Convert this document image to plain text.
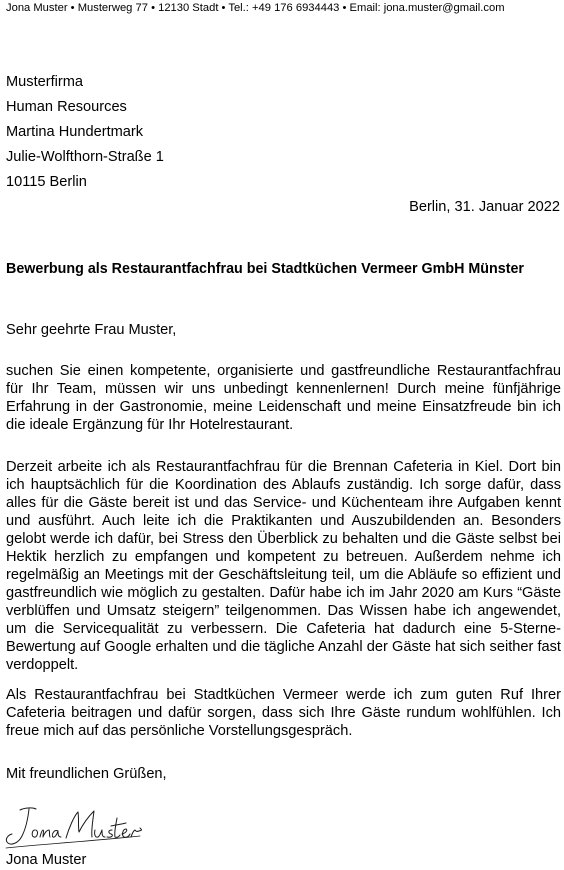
Jona Muster • Musterweg 77 • 12130 Stadt • Tel.: +49 176 6934443 • Email: jona.muster@gmail.com
Musterfirma
Human Resources
Martina Hundertmark
Julie-Wolfthorn-Straße 1
10115 Berlin
Berlin, 31. Januar 2022
Bewerbung als Restaurantfachfrau bei Stadtküchen Vermeer GmbH Münster
Sehr geehrte Frau Muster,

suchen Sie einen kompetente, organisierte und gastfreundliche Restaurantfachfrau für Ihr Team, müssen wir uns unbedingt kennenlernen! Durch meine fünfjährige Erfahrung in der Gastronomie, meine Leidenschaft und meine Einsatzfreude bin ich die ideale Ergänzung für Ihr Hotelrestaurant.

Derzeit arbeite ich als Restaurantfachfrau für die Brennan Cafeteria in Kiel. Dort bin ich hauptsächlich für die Koordination des Ablaufs zuständig. Ich sorge dafür, dass alles für die Gäste bereit ist und das Service- und Küchenteam ihre Aufgaben kennt und ausführt. Auch leite ich die Praktikanten und Auszubildenden an. Besonders gelobt werde ich dafür, bei Stress den Überblick zu behalten und die Gäste selbst bei Hektik herzlich zu empfangen und kompetent zu betreuen. Außerdem nehme ich regelmäßig an Meetings mit der Geschäftsleitung teil, um die Abläufe so effizient und gastfreundlich wie möglich zu gestalten. Dafür habe ich im Jahr 2020 am Kurs “Gäste verblüffen und Umsatz steigern” teilgenommen. Das Wissen habe ich angewendet, um die Servicequalität zu verbessern. Die Cafeteria hat dadurch eine 5-Sterne-Bewertung auf Google erhalten und die tägliche Anzahl der Gäste hat sich seither fast verdoppelt.

Als Restaurantfachfrau bei Stadtküchen Vermeer werde ich zum guten Ruf Ihrer Cafeteria beitragen und dafür sorgen, dass sich Ihre Gäste rundum wohlfühlen. Ich freue mich auf das persönliche Vorstellungsgespräch.

Mit freundlichen Grüßen,
Jona Muster
